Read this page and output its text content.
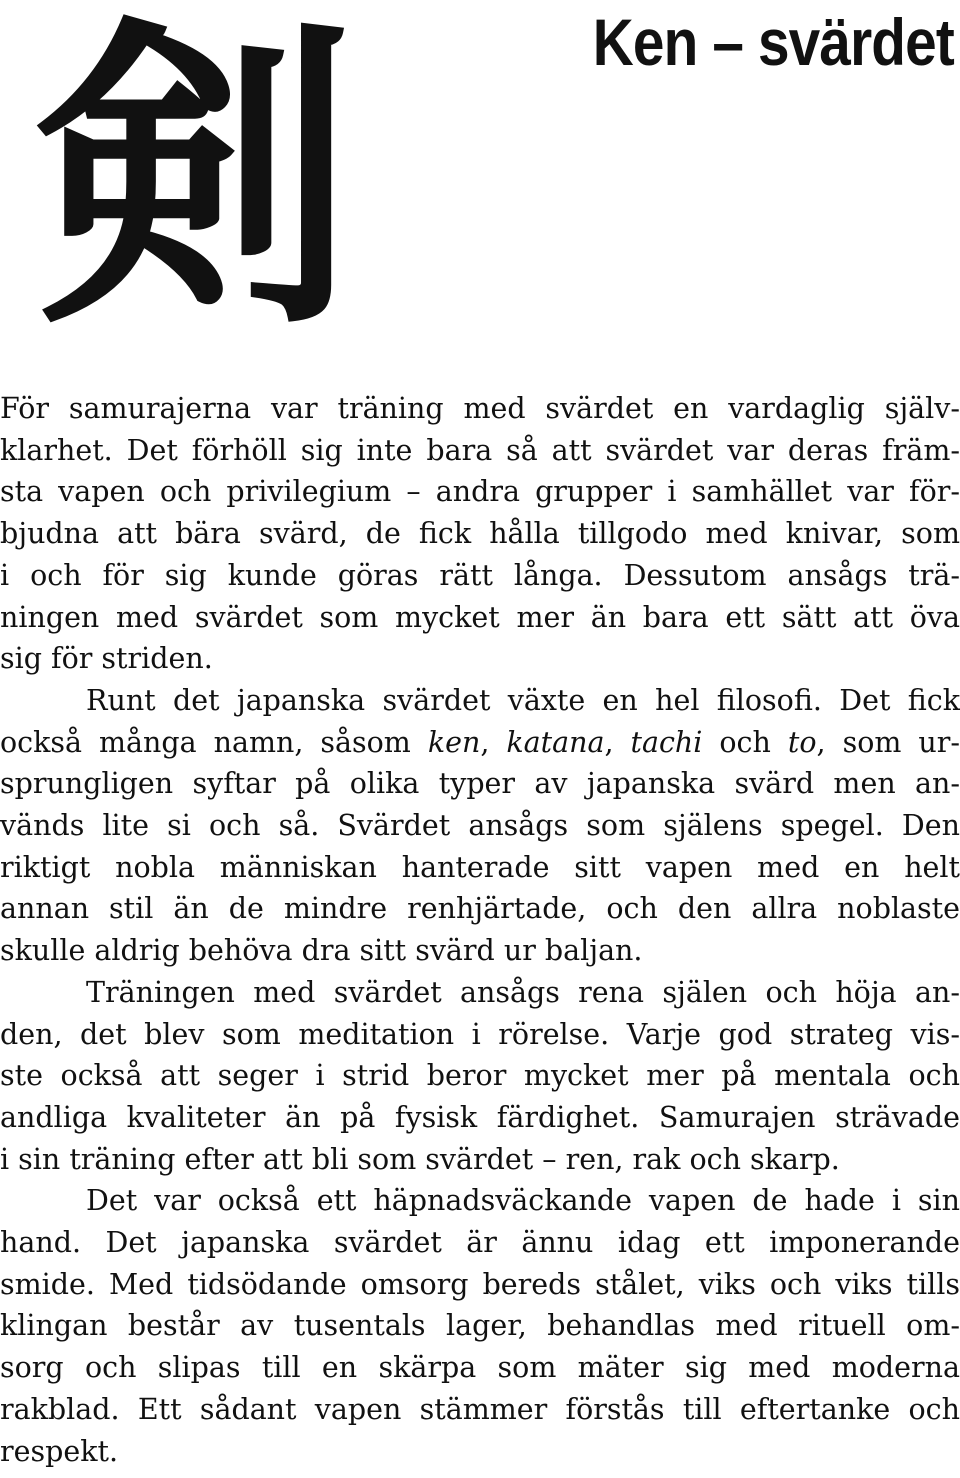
剣	Ken – svärdet

För samurajerna var träning med svärdet en vardaglig själv-
klarhet. Det förhöll sig inte bara så att svärdet var deras främ-
sta vapen och privilegium – andra grupper i samhället var för-
bjudna att bära svärd, de fick hålla tillgodo med knivar, som
i och för sig kunde göras rätt långa. Dessutom ansågs trä-
ningen med svärdet som mycket mer än bara ett sätt att öva
sig för striden.

Runt det japanska svärdet växte en hel filosofi. Det fick
också många namn, såsom ken, katana, tachi och to, som ur-
sprungligen syftar på olika typer av japanska svärd men an-
vänds lite si och så. Svärdet ansågs som själens spegel. Den
riktigt nobla människan hanterade sitt vapen med en helt
annan stil än de mindre renhjärtade, och den allra noblaste
skulle aldrig behöva dra sitt svärd ur baljan.

Träningen med svärdet ansågs rena själen och höja an-
den, det blev som meditation i rörelse. Varje god strateg vis-
ste också att seger i strid beror mycket mer på mentala och
andliga kvaliteter än på fysisk färdighet. Samurajen strävade
i sin träning efter att bli som svärdet – ren, rak och skarp.

Det var också ett häpnadsväckande vapen de hade i sin
hand. Det japanska svärdet är ännu idag ett imponerande
smide. Med tidsödande omsorg bereds stålet, viks och viks tills
klingan består av tusentals lager, behandlas med rituell om-
sorg och slipas till en skärpa som mäter sig med moderna
rakblad. Ett sådant vapen stämmer förstås till eftertanke och
respekt.
